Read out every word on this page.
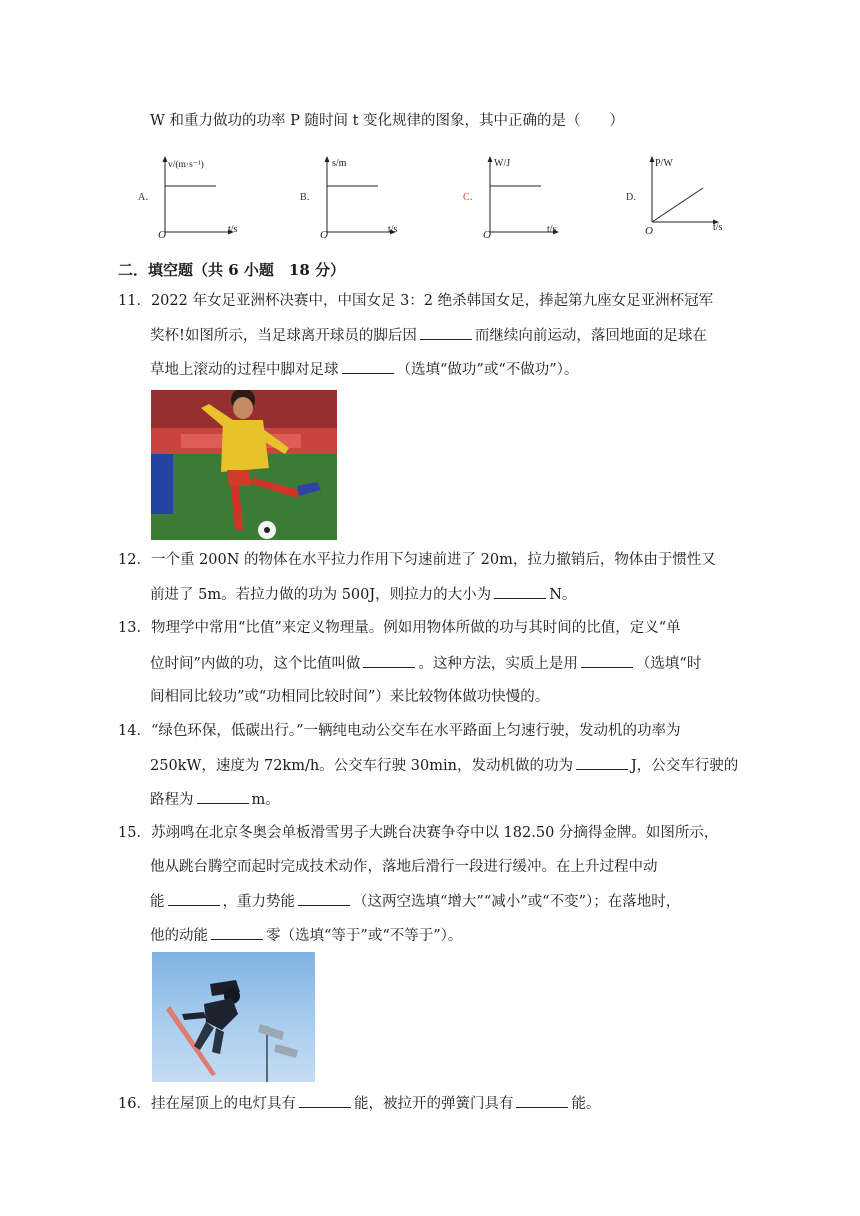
W 和重力做功的功率 P 随时间 t 变化规律的图象，其中正确的是（　　）
A．
v/(m·s⁻¹)
O	t/s
B．
s/m
O	t/s
C．
W/J
O	t/s
D．
P/W
O	t/s
二．填空题（共 6 小题　18 分）
11．2022 年女足亚洲杯决赛中，中国女足 3：2 绝杀韩国女足，捧起第九座女足亚洲杯冠军
奖杯!如图所示，当足球离开球员的脚后因	而继续向前运动，落回地面的足球在
草地上滚动的过程中脚对足球	（选填“做功”或“不做功”）。
12．一个重 200N 的物体在水平拉力作用下匀速前进了 20m，拉力撤销后，物体由于惯性又
前进了 5m。若拉力做的功为 500J，则拉力的大小为	N。
13．物理学中常用“比值”来定义物理量。例如用物体所做的功与其时间的比值，定义“单
位时间”内做的功，这个比值叫做	。这种方法，实质上是用	（选填“时
间相同比较功”或“功相同比较时间”）来比较物体做功快慢的。
14．“绿色环保，低碳出行。”一辆纯电动公交车在水平路面上匀速行驶，发动机的功率为
250kW，速度为 72km/h。公交车行驶 30min，发动机做的功为	J，公交车行驶的
路程为	m。
15．苏翊鸣在北京冬奥会单板滑雪男子大跳台决赛争夺中以 182.50 分摘得金牌。如图所示，
他从跳台腾空而起时完成技术动作，落地后滑行一段进行缓冲。在上升过程中动
能	，重力势能	（这两空选填“增大”“减小”或“不变”）；在落地时，
他的动能	零（选填“等于”或“不等于”）。
16．挂在屋顶上的电灯具有	能，被拉开的弹簧门具有	能。
